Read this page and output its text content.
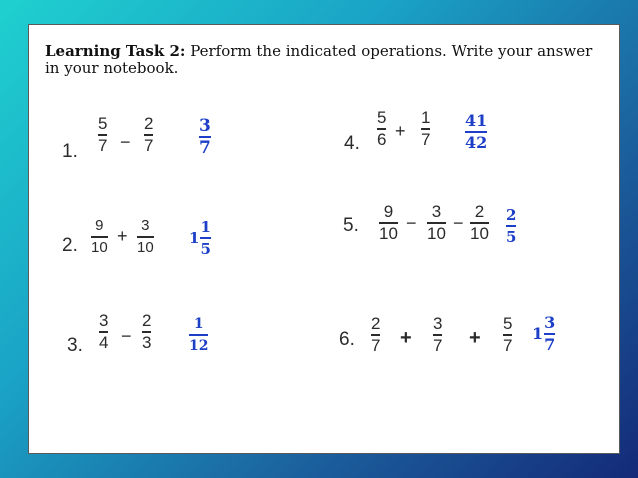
Learning Task 2: Perform the indicated operations. Write your answer in your notebook.
1.
5
7 −
2
7	$\frac{3}{7}$
2.
9
10
+
3
10
$1 \frac{1}{5}$
3.
3
4 −
2
3	$\frac{1}{12}$
4.
5
6 +
1
$7 \frac{41}{42}$
5.
9
10 −
3
10 −
2
$10 \frac{2}{5}$
6.
2
7 +
3
7 +
5
7
$1 \frac{3}{7}$
